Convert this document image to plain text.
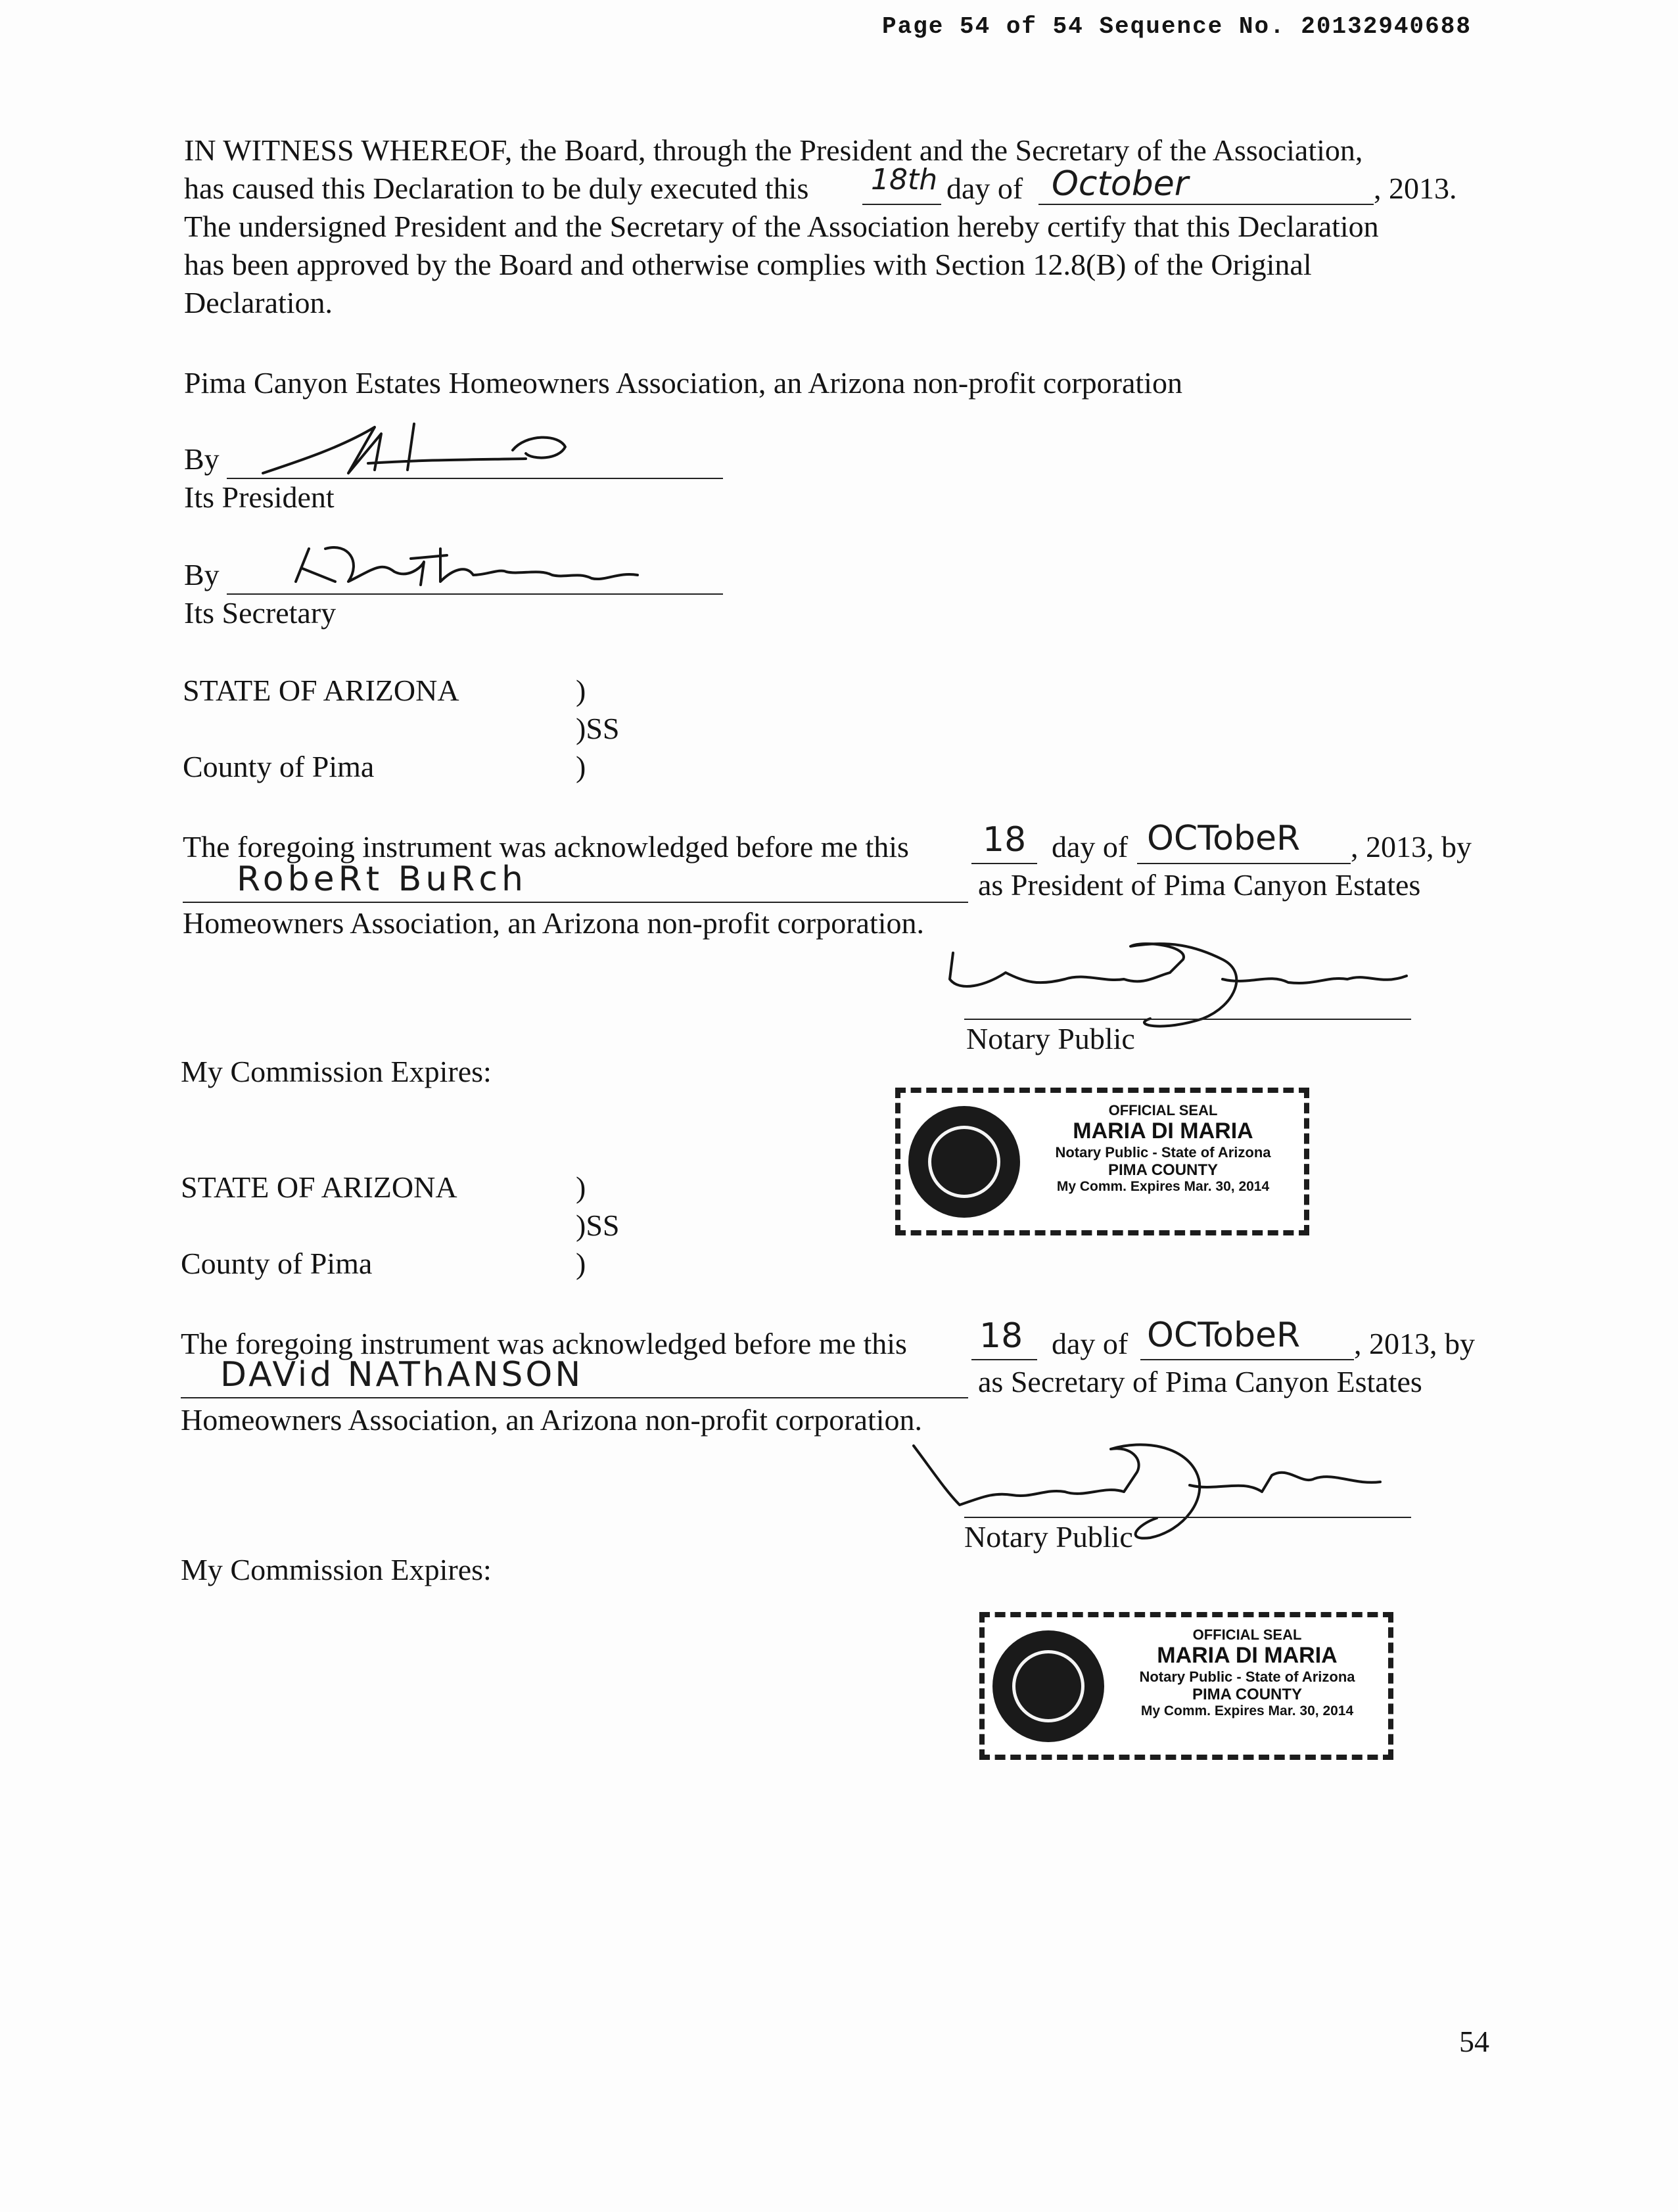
Page 54 of 54 Sequence No. 20132940688
IN WITNESS WHEREOF, the Board, through the President and the Secretary of the Association,
has caused this Declaration to be duly executed this 18th day of October	, 2013.
The undersigned President and the Secretary of the Association hereby certify that this Declaration
has been approved by the Board and otherwise complies with Section 12.8(B) of the Original
Declaration.
Pima Canyon Estates Homeowners Association, an Arizona non-profit corporation
By
Its President
By
Its Secretary
STATE OF ARIZONA	)
)SS
County of Pima	)
The foregoing instrument was acknowledged before me this 18 day of OCTobeR , 2013, by
RobeRt BuRch	as President of Pima Canyon Estates
Homeowners Association, an Arizona non-profit corporation.
Notary Public
My Commission Expires:
OFFICIAL SEAL
MARIA DI MARIA
Notary Public - State of Arizona
PIMA COUNTY
My Comm. Expires Mar. 30, 2014
STATE OF ARIZONA	)
)SS
County of Pima	)
The foregoing instrument was acknowledged before me this 18 day of OCTobeR , 2013, by
DAVid NAThANSON	as Secretary of Pima Canyon Estates
Homeowners Association, an Arizona non-profit corporation.
Notary Public
My Commission Expires:
OFFICIAL SEAL
MARIA DI MARIA
Notary Public - State of Arizona
PIMA COUNTY
My Comm. Expires Mar. 30, 2014
54
